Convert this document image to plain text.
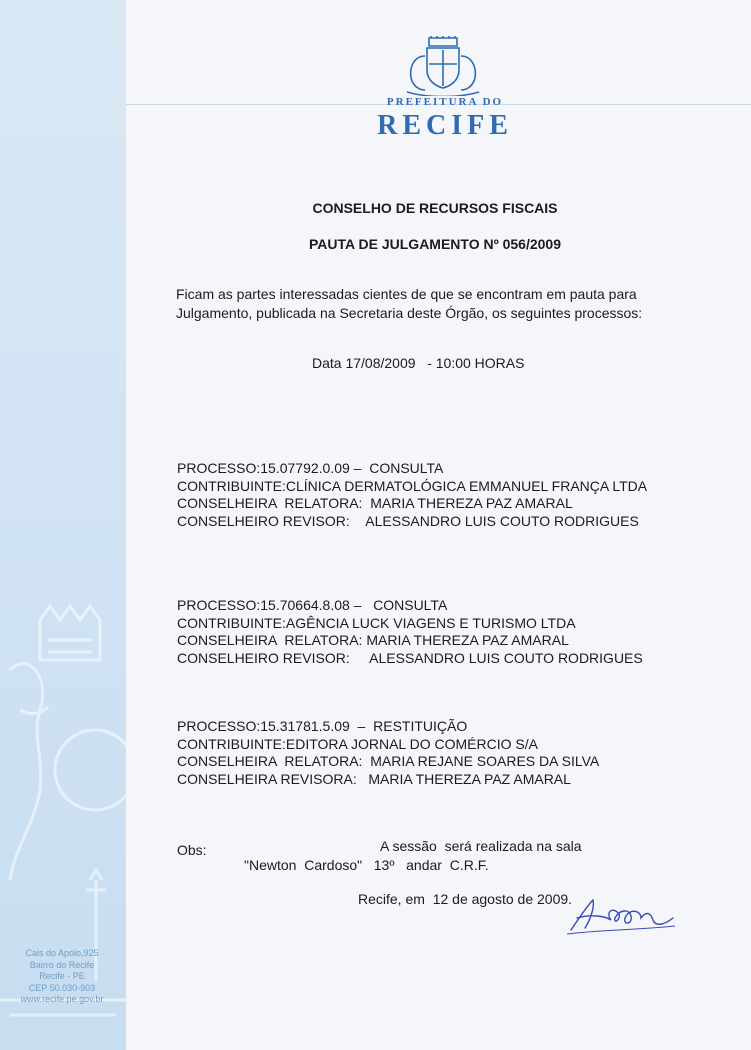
Cais do Apolo,925
Bairro do Recife
Recife - PE
CEP 50.030-903
www.recife.pe.gov.br
PREFEITURA DO
RECIFE
CONSELHO DE RECURSOS FISCAIS
PAUTA DE JULGAMENTO Nº 056/2009
Ficam as partes interessadas cientes de que se encontram em pauta para Julgamento, publicada na Secretaria deste Órgão, os seguintes processos:
Data 17/08/2009   - 10:00 HORAS
PROCESSO: 15.07792.0.09 –  CONSULTA
CONTRIBUINTE: CLÍNICA DERMATOLÓGICA EMMANUEL FRANÇA LTDA
CONSELHEIRA  RELATORA: MARIA THEREZA PAZ AMARAL
CONSELHEIRO REVISOR: ALESSANDRO LUIS COUTO RODRIGUES
PROCESSO: 15.70664.8.08 –   CONSULTA
CONTRIBUINTE: AGÊNCIA LUCK VIAGENS E TURISMO LTDA
CONSELHEIRA  RELATORA: MARIA THEREZA PAZ AMARAL
CONSELHEIRO REVISOR: ALESSANDRO LUIS COUTO RODRIGUES
PROCESSO: 15.31781.5.09  –  RESTITUIÇÃO
CONTRIBUINTE: EDITORA JORNAL DO COMÉRCIO S/A
CONSELHEIRA  RELATORA: MARIA REJANE SOARES DA SILVA
CONSELHEIRA REVISORA: MARIA THEREZA PAZ AMARAL
Obs:	A sessão  será realizada na sala
"Newton  Cardoso"   13º   andar  C.R.F.
Recife, em  12 de agosto de 2009.
